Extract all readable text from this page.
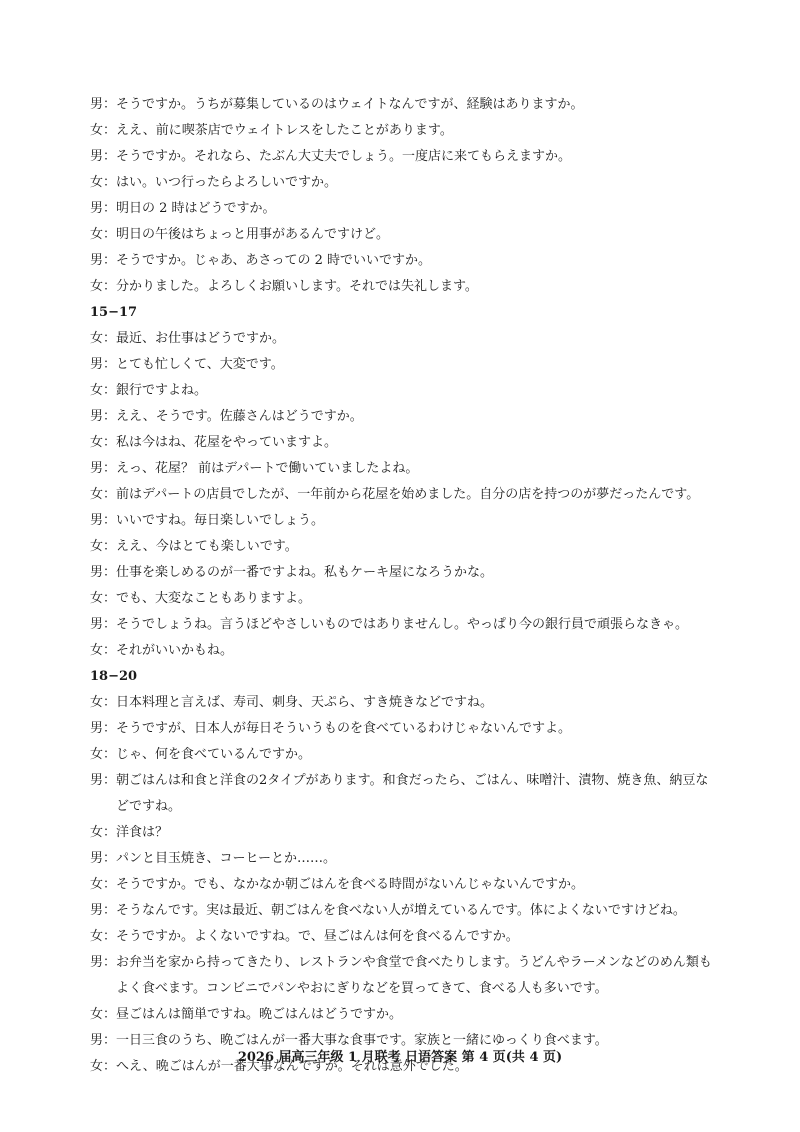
男： そうですか。うちが募集しているのはウェイトなんですが、経験はありますか。
女： ええ、前に喫茶店でウェイトレスをしたことがあります。
男： そうですか。それなら、たぶん大丈夫でしょう。一度店に来てもらえますか。
女： はい。いつ行ったらよろしいですか。
男： 明日の 2 時はどうですか。
女： 明日の午後はちょっと用事があるんですけど。
男： そうですか。じゃあ、あさっての 2 時でいいですか。
女： 分かりました。よろしくお願いします。それでは失礼します。
15−17
女： 最近、お仕事はどうですか。
男： とても忙しくて、大変です。
女： 銀行ですよね。
男： ええ、そうです。佐藤さんはどうですか。
女： 私は今はね、花屋をやっていますよ。
男： えっ、花屋？ 前はデパートで働いていましたよね。
女： 前はデパートの店員でしたが、一年前から花屋を始めました。自分の店を持つのが夢だったんです。
男： いいですね。毎日楽しいでしょう。
女： ええ、今はとても楽しいです。
男： 仕事を楽しめるのが一番ですよね。私もケーキ屋になろうかな。
女： でも、大変なこともありますよ。
男： そうでしょうね。言うほどやさしいものではありませんし。やっぱり今の銀行員で頑張らなきゃ。
女： それがいいかもね。
18−20
女： 日本料理と言えば、寿司、刺身、天ぷら、すき焼きなどですね。
男： そうですが、日本人が毎日そういうものを食べているわけじゃないんですよ。
女： じゃ、何を食べているんですか。
男： 朝ごはんは和食と洋食の2タイプがあります。和食だったら、ごはん、味噌汁、漬物、焼き魚、納豆などですね。
女： 洋食は？
男： パンと目玉焼き、コーヒーとか……。
女： そうですか。でも、なかなか朝ごはんを食べる時間がないんじゃないんですか。
男： そうなんです。実は最近、朝ごはんを食べない人が増えているんです。体によくないですけどね。
女： そうですか。よくないですね。で、昼ごはんは何を食べるんですか。
男： お弁当を家から持ってきたり、レストランや食堂で食べたりします。うどんやラーメンなどのめん類もよく食べます。コンビニでパンやおにぎりなどを買ってきて、食べる人も多いです。
女： 昼ごはんは簡単ですね。晩ごはんはどうですか。
男： 一日三食のうち、晩ごはんが一番大事な食事です。家族と一緒にゆっくり食べます。
女： へえ、晩ごはんが一番大事なんですか。それは意外でした。
2026 届高三年级 1 月联考 日语答案 第 4 页(共 4 页)
